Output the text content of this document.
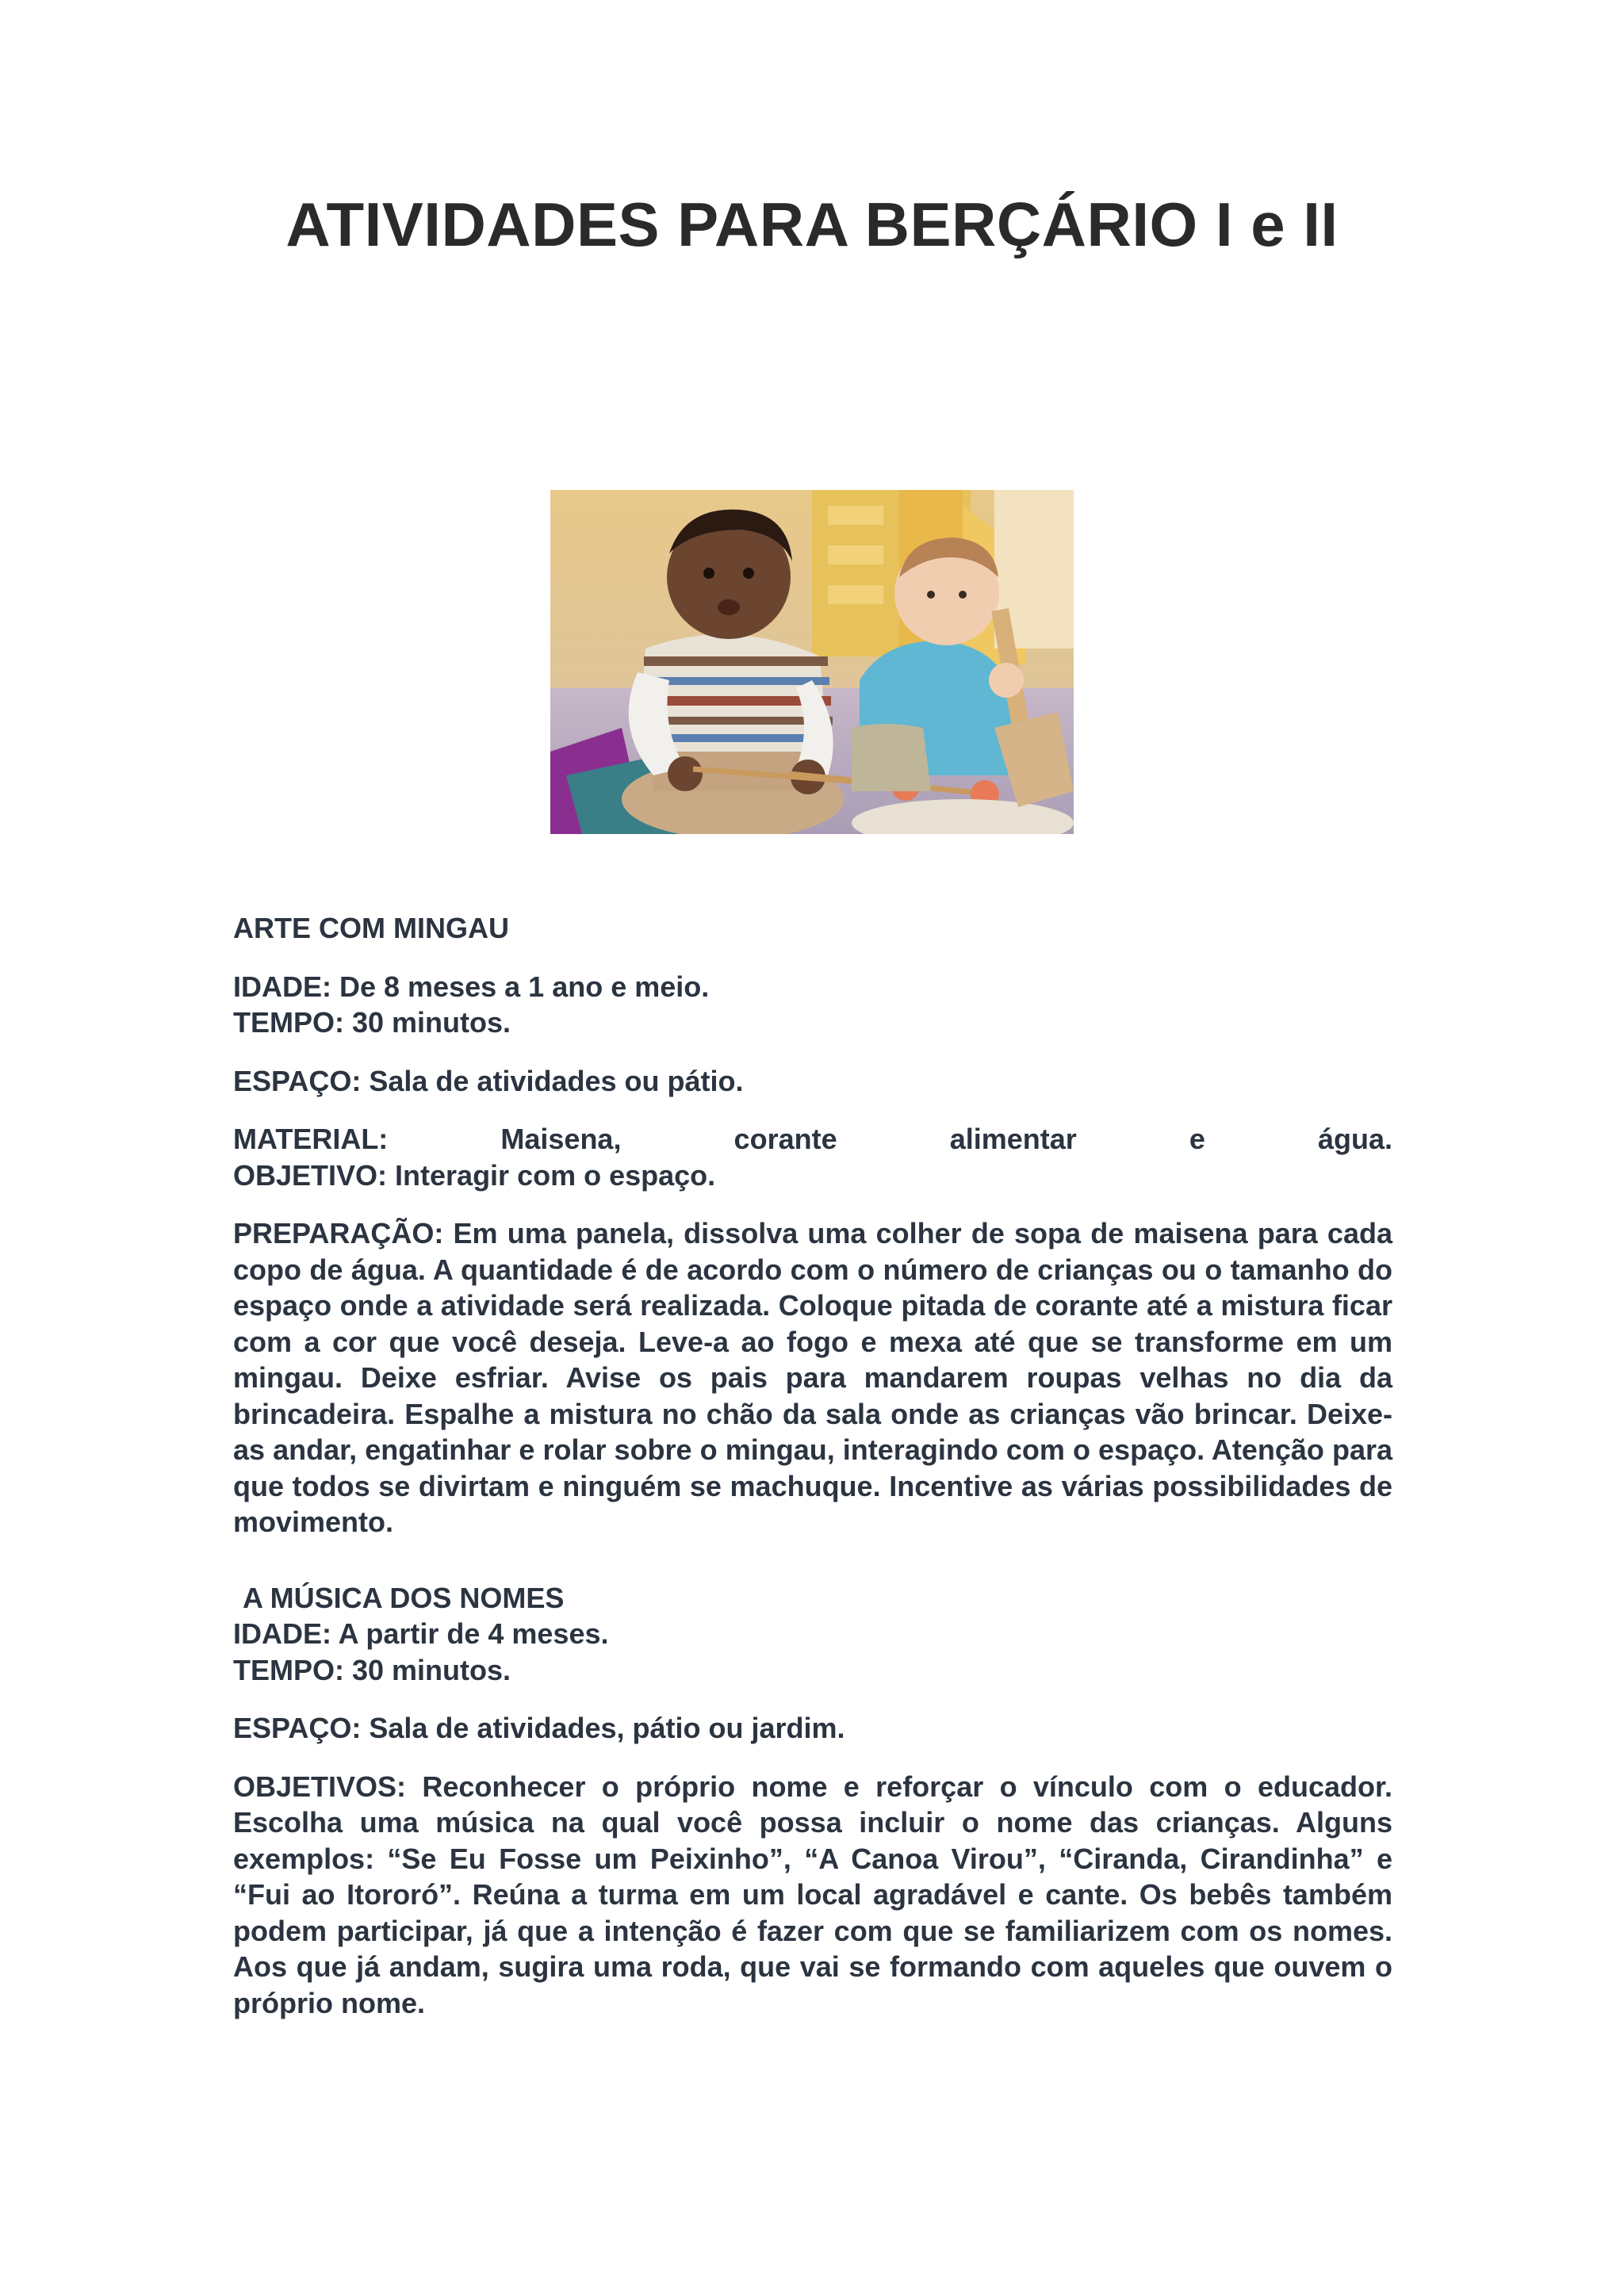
ATIVIDADES PARA BERÇÁRIO I e II

ARTE COM MINGAU

IDADE: De 8 meses a 1 ano e meio.

TEMPO: 30 minutos.

ESPAÇO: Sala de atividades ou pátio.

MATERIAL: Maisena, corante alimentar e água.

OBJETIVO: Interagir com o espaço.

PREPARAÇÃO: Em uma panela, dissolva uma colher de sopa de maisena para cada copo de água. A quantidade é de acordo com o número de crianças ou o tamanho do espaço onde a atividade será realizada. Coloque pitada de corante até a mistura ficar com a cor que você deseja. Leve-a ao fogo e mexa até que se transforme em um mingau. Deixe esfriar. Avise os pais para mandarem roupas velhas no dia da brincadeira. Espalhe a mistura no chão da sala onde as crianças vão brincar. Deixe-as andar, engatinhar e rolar sobre o mingau, interagindo com o espaço. Atenção para que todos se divirtam e ninguém se machuque. Incentive as várias possibilidades de movimento.

A MÚSICA DOS NOMES

IDADE: A partir de 4 meses.

TEMPO: 30 minutos.

ESPAÇO: Sala de atividades, pátio ou jardim.

OBJETIVOS: Reconhecer o próprio nome e reforçar o vínculo com o educador. Escolha uma música na qual você possa incluir o nome das crianças. Alguns exemplos: “Se Eu Fosse um Peixinho”, “A Canoa Virou”, “Ciranda, Cirandinha” e “Fui ao Itororó”. Reúna a turma em um local agradável e cante. Os bebês também podem participar, já que a intenção é fazer com que se familiarizem com os nomes. Aos que já andam, sugira uma roda, que vai se formando com aqueles que ouvem o próprio nome.
